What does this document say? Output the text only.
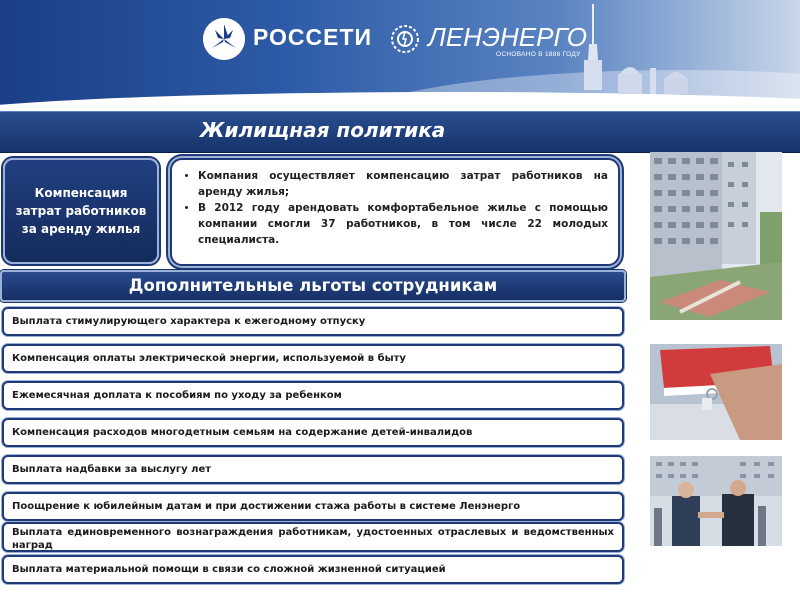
РОССЕТИ ЛЕНЭНЕРГО
ОСНОВАНО В 1886 ГОДУ
Жилищная политика
Компенсация затрат работников за аренду жилья
• Компания осуществляет компенсацию затрат работников на аренду жилья;
• В 2012 году арендовать комфортабельное жилье с помощью компании смогли 37 работников, в том числе 22 молодых специалиста.
Дополнительные льготы сотрудникам
Выплата стимулирующего характера к ежегодному отпуску
Компенсация оплаты электрической энергии, используемой в быту
Ежемесячная доплата к пособиям по уходу за ребенком
Компенсация расходов многодетным семьям на содержание детей-инвалидов
Выплата надбавки за выслугу лет
Поощрение к юбилейным датам и при достижении стажа работы в системе Ленэнерго
Выплата единовременного вознаграждения работникам, удостоенных отраслевых и ведомственных наград
Выплата материальной помощи в связи со сложной жизненной ситуацией
